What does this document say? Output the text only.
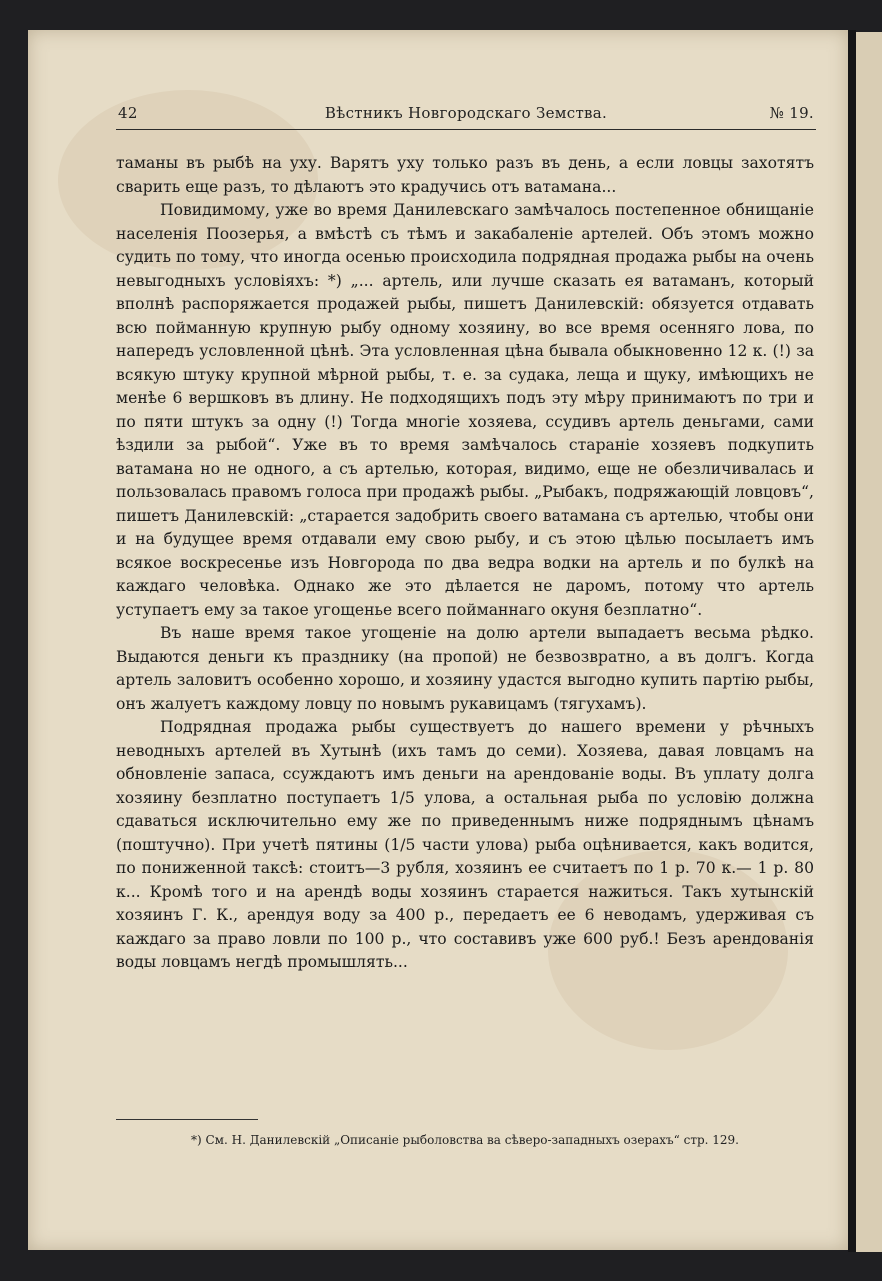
42	Вѣстникъ Новгородскаго Земства.	№ 19.

таманы въ рыбѣ на уху. Варятъ уху только разъ въ день, а если ловцы захотятъ сварить еще разъ, то дѣлаютъ это крадучись отъ ватамана...

Повидимому, уже во время Данилевскаго замѣчалось постепенное обнищаніе населенія Поозерья, а вмѣстѣ съ тѣмъ и закабаленіе артелей. Объ этомъ можно судить по тому, что иногда осенью происходила подрядная продажа рыбы на очень невыгодныхъ условіяхъ: *) „... артель, или лучше сказать ея ватаманъ, который вполнѣ распоряжается продажей рыбы, пишетъ Данилевскій: обязуется отдавать всю пойманную крупную рыбу одному хозяину, во все время осенняго лова, по напередъ условленной цѣнѣ. Эта условленная цѣна бывала обыкновенно 12 к. (!) за всякую штуку крупной мѣрной рыбы, т. е. за судака, леща и щуку, имѣющихъ не менѣе 6 вершковъ въ длину. Не подходящихъ подъ эту мѣру принимаютъ по три и по пяти штукъ за одну (!) Тогда многіе хозяева, ссудивъ артель деньгами, сами ѣздили за рыбой“. Уже въ то время замѣчалось стараніе хозяевъ подкупить ватамана но не одного, а съ артелью, которая, видимо, еще не обезличивалась и пользовалась правомъ голоса при продажѣ рыбы. „Рыбакъ, подряжающій ловцовъ“, пишетъ Данилевскій: „старается задобрить своего ватамана съ артелью, чтобы они и на будущее время отдавали ему свою рыбу, и съ этою цѣлью посылаетъ имъ всякое воскресенье изъ Новгорода по два ведра водки на артель и по булкѣ на каждаго человѣка. Однако же это дѣлается не даромъ, потому что артель уступаетъ ему за такое угощенье всего пойманнаго окуня безплатно“.

Въ наше время такое угощеніе на долю артели выпадаетъ весьма рѣдко. Выдаются деньги къ празднику (на пропой) не безвозвратно, а въ долгъ. Когда артель заловитъ особенно хорошо, и хозяину удастся выгодно купить партію рыбы, онъ жалуетъ каждому ловцу по новымъ рукавицамъ (тягухамъ).

Подрядная продажа рыбы существуетъ до нашего времени у рѣчныхъ неводныхъ артелей въ Хутынѣ (ихъ тамъ до семи). Хозяева, давая ловцамъ на обновленіе запаса, ссуждаютъ имъ деньги на арендованіе воды. Въ уплату долга хозяину безплатно поступаетъ 1/5 улова, а остальная рыба по условію должна сдаваться исключительно ему же по приведеннымъ ниже подряднымъ цѣнамъ (поштучно). При учетѣ пятины (1/5 части улова) рыба оцѣнивается, какъ водится, по пониженной таксѣ: стоитъ—3 рубля, хозяинъ ее считаетъ по 1 р. 70 к.— 1 р. 80 к... Кромѣ того и на арендѣ воды хозяинъ старается нажиться. Такъ хутынскій хозяинъ Г. К., арендуя воду за 400 р., передаетъ ее 6 неводамъ, удерживая съ каждаго за право ловли по 100 р., что составивъ уже 600 руб.! Безъ арендованія воды ловцамъ негдѣ промышлять...

*) См. Н. Данилевскій „Описаніе рыболовства ва сѣверо-западныхъ озерахъ“ стр. 129.
